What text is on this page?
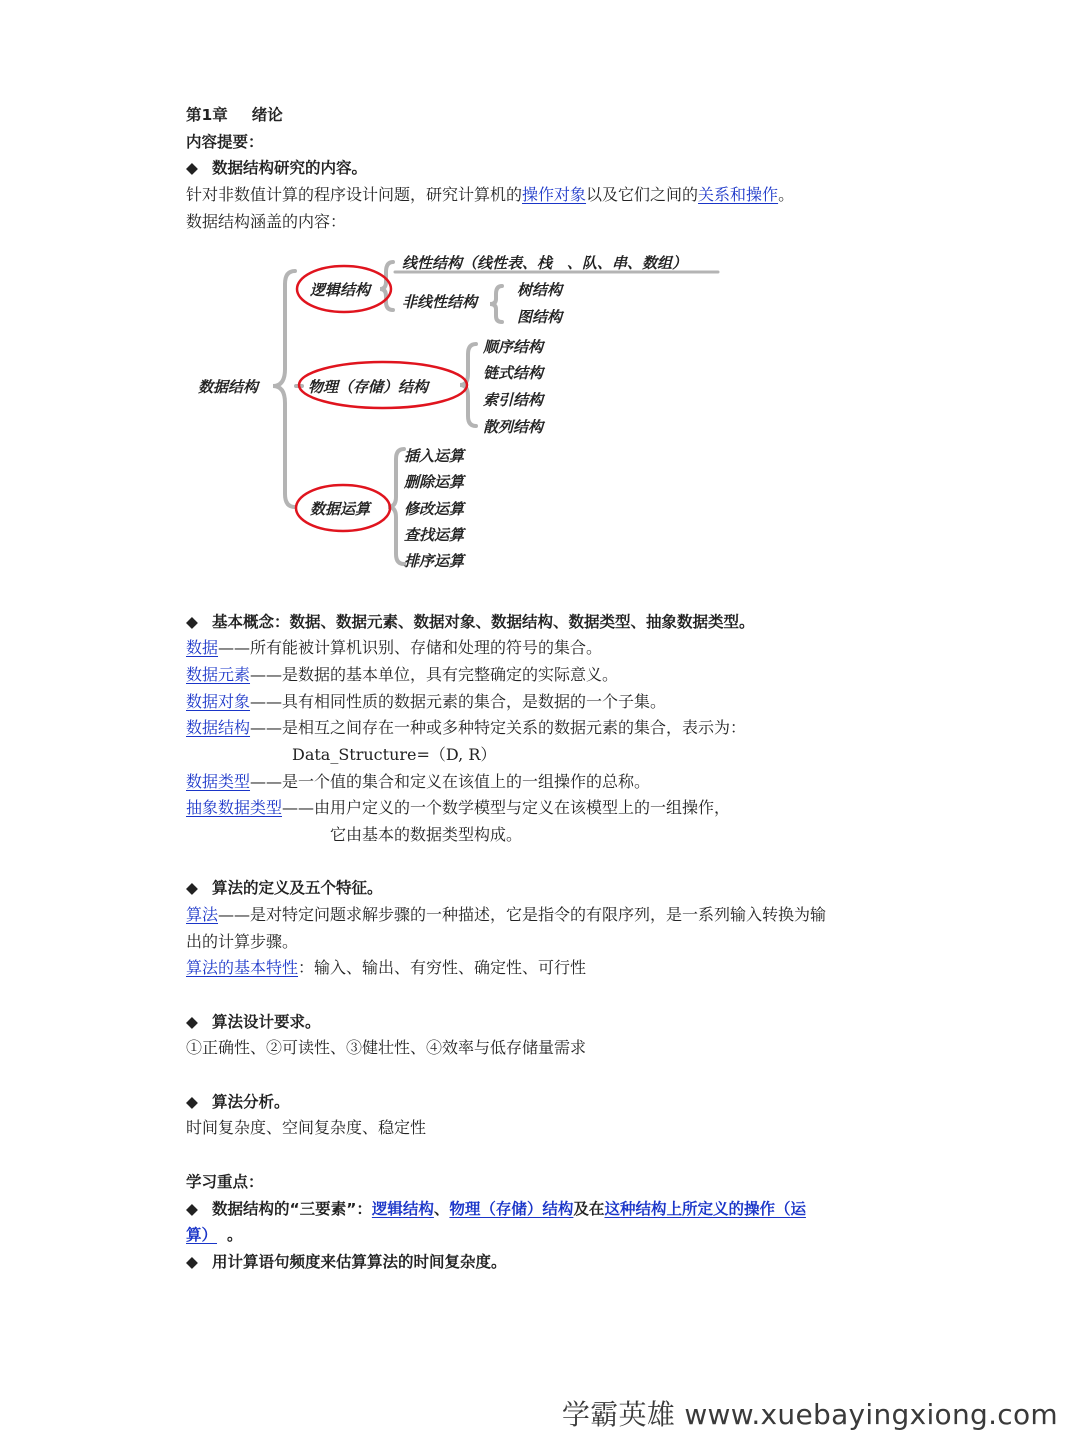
第1章 绪论
内容提要：
◆ 数据结构研究的内容。
针对非数值计算的程序设计问题，研究计算机的操作对象以及它们之间的关系和操作。
数据结构涵盖的内容：
数据结构
逻辑结构
线性结构（线性表、栈　、队、串、数组）
非线性结构
树结构
图结构
物理（存储）结构
顺序结构
链式结构
索引结构
散列结构
数据运算
插入运算
删除运算
修改运算
查找运算
排序运算
◆ 基本概念：数据、数据元素、数据对象、数据结构、数据类型、抽象数据类型。
数据——所有能被计算机识别、存储和处理的符号的集合。
数据元素——是数据的基本单位，具有完整确定的实际意义。
数据对象——具有相同性质的数据元素的集合，是数据的一个子集。
数据结构——是相互之间存在一种或多种特定关系的数据元素的集合，表示为：
Data_Structure=（D, R）
数据类型——是一个值的集合和定义在该值上的一组操作的总称。
抽象数据类型——由用户定义的一个数学模型与定义在该模型上的一组操作，
它由基本的数据类型构成。
◆ 算法的定义及五个特征。
算法——是对特定问题求解步骤的一种描述，它是指令的有限序列，是一系列输入转换为输
出的计算步骤。
算法的基本特性：输入、输出、有穷性、确定性、可行性
◆ 算法设计要求。
①正确性、②可读性、③健壮性、④效率与低存储量需求
◆ 算法分析。
时间复杂度、空间复杂度、稳定性
学习重点：
◆ 数据结构的“三要素”：逻辑结构、物理（存储）结构及在这种结构上所定义的操作（运
算） 。
◆ 用计算语句频度来估算算法的时间复杂度。
学霸英雄 www.xuebayingxiong.com
